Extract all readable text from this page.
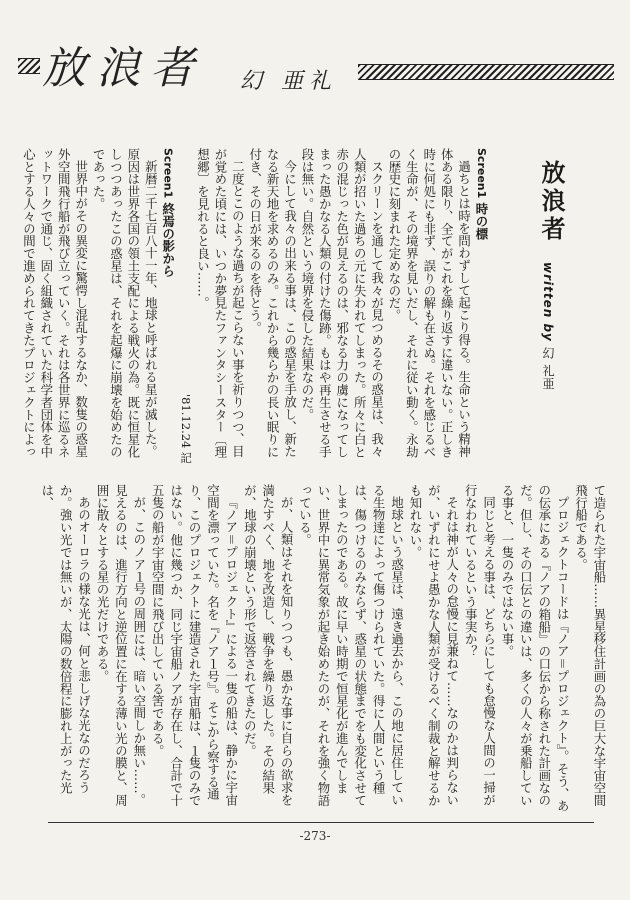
放浪者 幻 亜礼

Screen1 時の標

過ちとは時を問わずして起こり得る。生命という精神体ある限り、全てがこれを繰り返すに違いない。正しき時に何処にも非ず、誤りの解も在さぬ。それを感じるべく生命が、その境界を見いだし、それに従い動く。永劫の歴史に刻まれた定めなのだ。

スクリーンを通して我々が見つめるその惑星は、我々人類が招いた過ちの元に失われてしまった。所々に白と赤の混じった色が見えるのは、邪なる力の虜になってしまった愚かなる人類の付けた傷跡。もはや再生させる手段は無い。自然という境界を侵した結果なのだ。

今にして我々の出来る事は、この惑星を手放し、新たなる新天地を求めるのみ。これから幾らかの長い眠りに付き、その日が来るのを待とう。

二度とこのような過ちが起こらない事を祈りつつ、目が覚めた頃には、いつか夢見たファンタシースター〔理想郷〕を見れると良い……。

'81.12.24 記

Screen1 終焉の影から

新暦二千七百八十一年、地球と呼ばれる星が滅した。原因は世界各国の領土支配による戦火の為。既に恒星化しつつあったこの惑星は、それを起爆に崩壊を始めたのであった。

世界中がその異変に驚愕し混乱するなか、数隻の惑星外空間飛行船が飛び立っていく。それは各世界に巡るネットワークで通じ、固く組織されていた科学者団体を中心とする人々の間で進められてきたプロジェクトによっ	放浪者
written by 幻 礼亜

て造られた宇宙船……異星移住計画の為の巨大な宇宙空間飛行船である。

プロジェクトコードは『ノア＝プロジェクト』。そう、あの伝承にある『ノアの箱船』の口伝から称された計画なのだ。但し、その口伝との違いは、多くの人々が乗船している事と、一隻のみではない事。

同じと考える事は、どちらにしても怠慢な人間の一掃が行なわれているという事実か？

それは神が人々の怠慢に見兼ねて……なのかは判らないが、いずれにせよ愚かな人類が受けるべく制裁と解せるかも知れない。

地球という惑星は、遠き過去から、この地に居住している生物達によって傷つけられていた。得に人間という種は、傷つけるのみならず、惑星の状態までをも変化させてしまったのである。故に早い時期で恒星化が進んでしまい、世界中に異常気象が起き始めたのが、それを強く物語っている。

が、人類はそれを知りつつも、愚かな事に自らの欲求を満たすべく、地を改造し、戦争を繰り返した。その結果が、地球の崩壊という形で返答されてきたのだ。

『ノア＝プロジェクト』による一隻の船は、静かに宇宙空間を漂っていた。名を『ノア１号』。そこから察する通り、このプロジェクトに建造された宇宙船は、１隻のみではない。他に幾つか、同じ宇宙船ノアが存在し、合計で十五隻の船が宇宙空間に飛び出している筈である。

が、このノア１号の周囲には、暗い空間しか無い……。見えるのは、進行方向と逆位置に在する薄い光の膜と、周囲に散々とする星の光だけである。

あのオーロラの様な光は、何と悲しげな光なのだろうか。強い光では無いが、太陽の数倍程に膨れ上がった光は、

-273-
